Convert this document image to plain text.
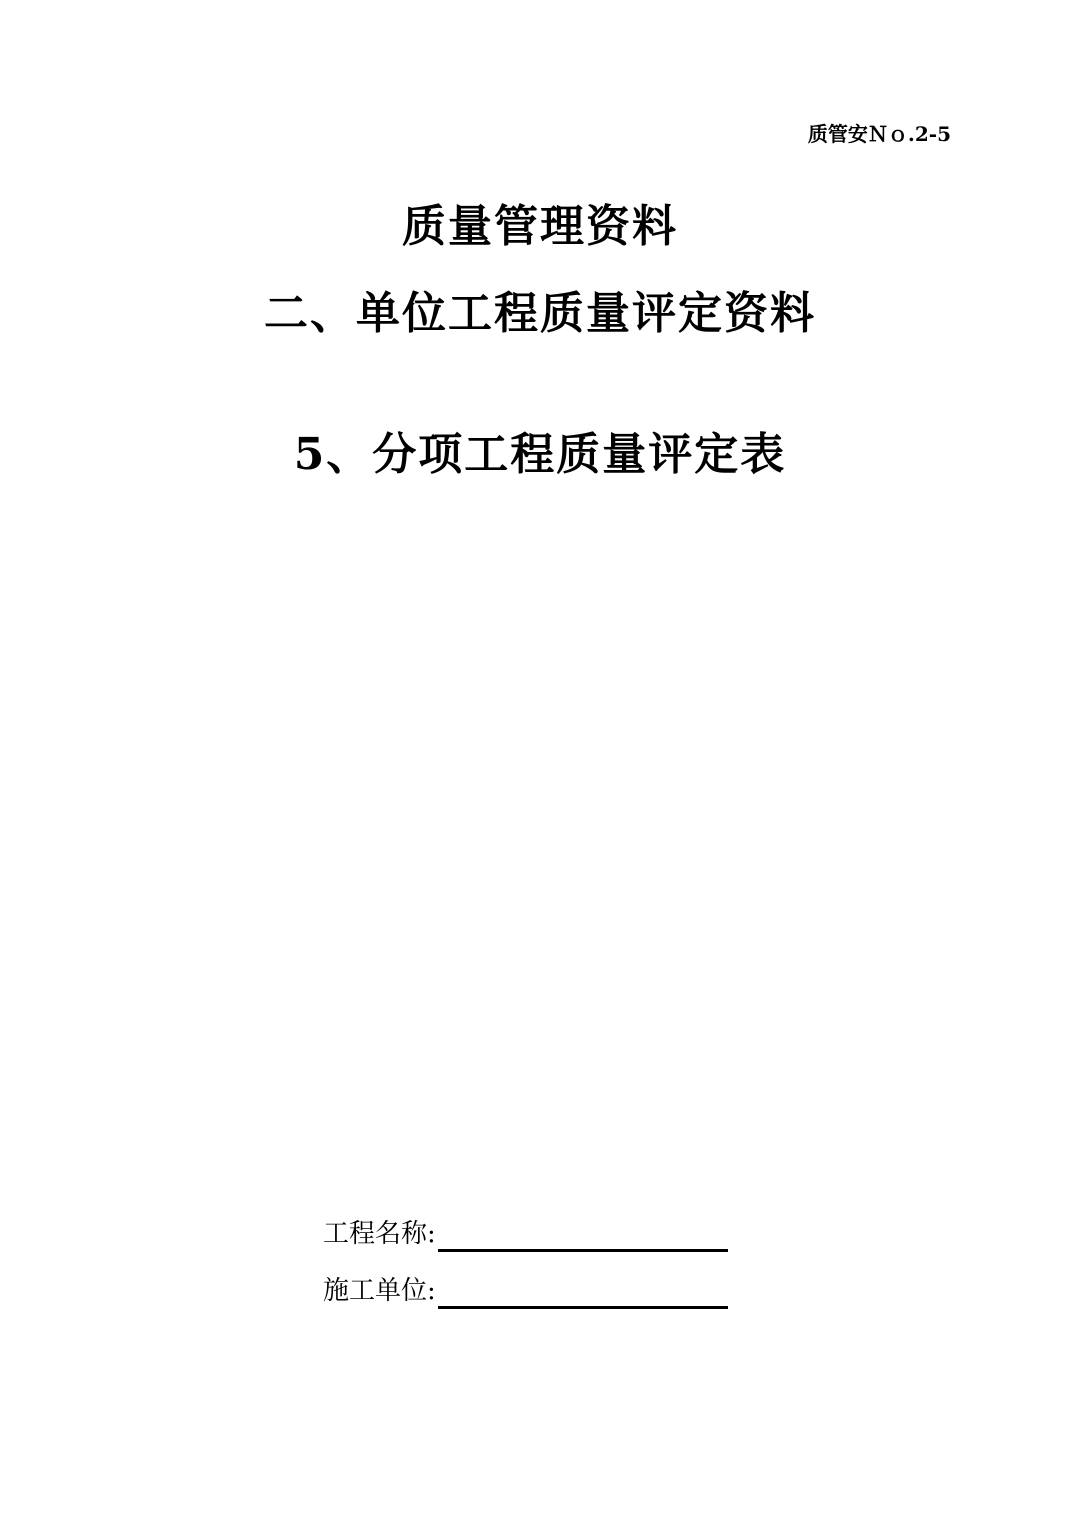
质管安Ｎｏ.2-5
质量管理资料
二、单位工程质量评定资料
5、分项工程质量评定表
工程名称:
施工单位:
